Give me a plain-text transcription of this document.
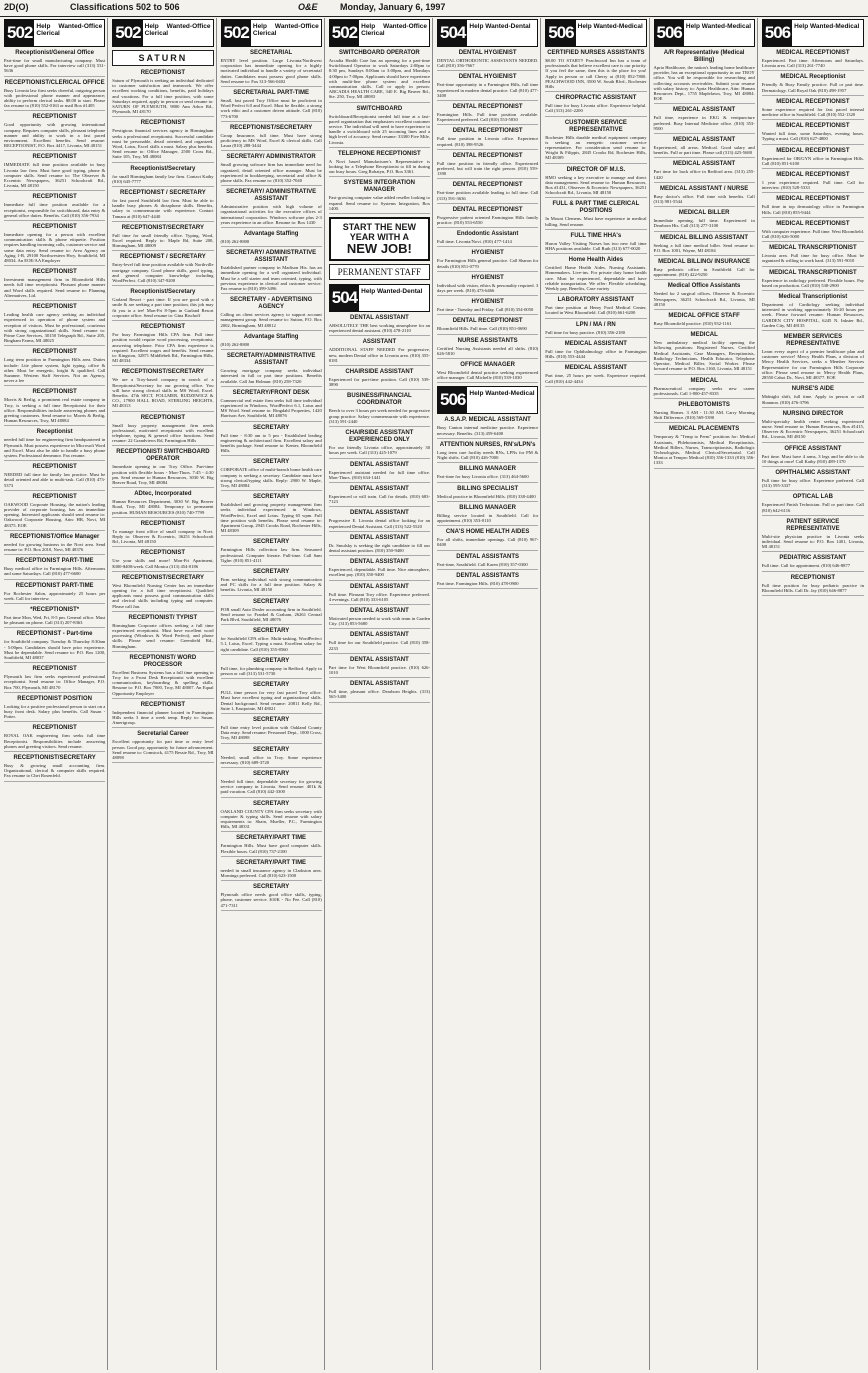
2D(O)	Classifications 502 to 506	O&E Monday, January 6, 1997
502 Help Wanted-Office Clerical
Receptionist/General Office

Part-time for small manufacturing company. Must have good phone skills. For interview call (313) 531-5636

RECEPTIONIST/CLERICAL OFFICE

Busy Livonia law firm seeks cheerful, outgoing person with professional phone manner and appearance; ability to perform clerical tasks. $8.00 to start. Please fax resume to (810) 552-0163 or mail Box #1405

RECEPTIONIST

Good opportunity with growing international company. Requires computer skills, pleasant telephone manner and ability to work in a fast paced environment. Excellent benefits. Send resume: RECEPTIONIST, P.O. Box 4417, Livonia, MI 48151

RECEPTIONIST

IMMEDIATE full time position available in busy Livonia law firm. Must have good typing, phone & computer skills. Send resume to: The Observer & Eccentric Newspapers, 36251 Schoolcraft Rd., Livonia, MI 48150

RECEPTIONIST

Immediate full time position available for a receptionist, responsible for switchboard, data entry & general office duties. Benefits. Call (810) 356-7934

RECEPTIONIST

Immediate opening for a person with excellent communication skills & phone etiquette. Position requires handling incoming calls, customer service and some data entry. Send resume to: Area Agency on Aging 1-B, 29100 Northwestern Hwy, Southfield, MI 48034. An EOE/AA Employer

RECEPTIONIST

Investment management firm in Bloomfield Hills needs full time receptionist. Pleasant phone manner and Word skills required. Send resume to: Planning Alternatives, Ltd.

RECEPTIONIST

Leading health care agency seeking an individual experienced in operation of phone system and reception of visitors. Must be professional, courteous with strong organizational skills. Send resume to: Prime Care Services, 30150 Telegraph Rd., Suite 205, Bingham Farms, MI 48025

RECEPTIONIST

Long term position in Farmington Hills area. Duties include: Lite phone system, light typing, office & other. Must be energetic, bright & qualified. Call Suzanne. Western Staff Services. Not an Agency, never a fee

RECEPTIONIST

Morris & Berlig, a prominent real estate company in Troy, is seeking a full time Receptionist for their office. Responsibilities include answering phones and greeting customers. Send resume to: Morris & Berlig, Human Resources, Troy, MI 48084

Receptionist

needed full time for engineering firm headquartered in Plymouth. Must possess experience in Microsoft Word and Excel. Must also be able to handle a busy phone system. Professional demeanor. Fax resume.

RECEPTIONIST

NEEDED full time for family law practice. Must be detail oriented and able to multi-task. Call (810) 473-5373

RECEPTIONIST

OAKWOOD Corporate Housing, the nation's leading provider of corporate housing, has an immediate opening. Interested applicants should send resume to: Oakwood Corporate Housing, Attn: HR, Novi, MI 48375. EOE

RECEPTIONIST/Office Manager

needed for growing business in the Novi area. Send resume to: P.O. Box 2010, Novi, MI 48376

RECEPTIONIST PART-TIME

Busy medical office in Farmington Hills. Afternoons and some Saturdays. Call (810) 477-6600

RECEPTIONIST PART-TIME

For Rochester Salon, approximately 25 hours per week. Call for interview.

*RECEPTIONIST*

Part time Mon, Wed, Fri, 8-5 pm. General office. Must be pleasant on phone. Call (313) 207-8363

RECEPTIONIST - Part-time

for Southfield company. Tuesday & Thursday 8:30am - 5:00pm. Candidates should have prior experience. Must be dependable. Send resume to: P.O. Box 1200, Southfield, MI 48037

RECEPTIONIST

Plymouth law firm seeks experienced professional receptionist. Send resume to: Office Manager, P.O. Box 700, Plymouth, MI 48170

RECEPTIONIST POSITION

Looking for a positive professional person to start on a busy front desk. Salary plus benefits. Call Susan - Potter.

RECEPTIONIST

ROYAL OAK engineering firm seeks full time Receptionist. Responsibilities include answering phones and greeting visitors. Send resume.

RECEPTIONIST/SECRETARY

Busy & growing small accounting firm. Organizational, clerical & computer skills required. Fax resume to Chet Rosenfeld.

502 Help Wanted-Office Clerical
SATURN
RECEPTIONIST

Saturn of Plymouth is seeking an individual dedicated to customer satisfaction and teamwork. We offer excellent working conditions, benefits, paid holidays and vacations. For a full time position, with some Saturdays required, apply in person or send resume to: SATURN OF PLYMOUTH, 9800 Ann Arbor Rd., Plymouth, MI 48170

RECEPTIONIST

Prestigious financial services agency in Birmingham seeks a professional receptionist. Successful candidate must be personable, detail oriented, and organized. Word, Lotus, Excel skills a must. Salary plus benefits. Send resume to: Office Manager, 2500 Cross Rd., Suite 105, Troy, MI 48084

Receptionist/Secretary

for small Birmingham family law firm. Contact Kathy (810) 645-7777

RECEPTIONIST / SECRETARY

for fast paced Southfield law firm. Must be able to handle busy phones & dictaphone skills. Benefits, salary to commensurate with experience. Contact Tamara at (810) 647-4440

RECEPTIONIST/SECRETARY

Full time for small friendly office. Typing, Word, Excel required. Reply to: Maple Rd, Suite 200, Birmingham, MI 48009

RECEPTIONIST / SECRETARY

Entry-level full time position available with Northville mortgage company. Good phone skills, good typing, and general computer knowledge including WordPerfect. Call (810) 347-9200

Receptionist/Secretary

Garland Resort - part time. If you are good with a smile & are seeking a part time position, this job may fit you to a tee! Mon-Fri 8-5pm in Garland Resort corporate office. Send resume to: Gina Bischoff

RECEPTIONIST

For busy Farmington Hills CPA firm. Full time position would require word processing, receptionist, answering telephone. Prior CPA firm experience is required. Excellent wages and benefits. Send resume to: Kingston, 32871 Middlebelt Rd., Farmington Hills, MI 48334

RECEPTIONIST/SECRETARY

We are a Troy-based company in search of a Receptionist/Secretary for our growing office. You will have strong clerical skills in MS Word, Excel. Benefits. 47th SECT, FOLLMER, RUDZEWICZ & CO., 17900 HALL ROAD, STERLING HEIGHTS, MI 48313

RECEPTIONIST

Small busy property management firm needs professional, motivated receptionist with excellent telephone, typing & general office functions. Send resume: 22 Grandviews Rd, Farmington Hills

RECEPTIONIST/ SWITCHBOARD OPERATOR

Immediate opening in our Troy Office. Part-time position with flexible hours - Mon-Thurs. 7:45 - 4:30 pm. Send resume to Human Resources, 3030 W. Big Beaver Road, Troy, MI 48084

ADtec, Incorporated

Human Resources Department, 3030 W. Big Beaver Road, Troy, MI 48084. Temporary to permanent position. HUMAN RESOURCES (810) 740-7799

RECEPTIONIST

To manage front office of small company in Novi. Reply to: Observer & Eccentric, 36251 Schoolcraft Rd., Livonia, MI 48150

RECEPTIONIST

Use your skills and more! Mon-Fri Apartment, $300-$400/week. Call Monica (313) 454-0186

RECEPTIONIST/SECRETARY

West Bloomfield Nursing Center has an immediate opening for a full time receptionist. Qualified applicants must possess good communication skills and clerical skills including typing and computer. Please call Jan.

RECEPTIONIST/ TYPIST

Birmingham Corporate offices seeking a full time experienced receptionist. Must have excellent word processing (Windows & Word Perfect), and phone skills. Please send resume: Greenfield Rd., Birmingham.

RECEPTIONIST/ WORD PROCESSOR

Excellent Business Systems has a full time opening in Troy for a Front Desk Receptionist with excellent communication, keyboarding & spelling skills. Resume to: P.O. Box 7000, Troy, MI 48007. An Equal Opportunity Employer

RECEPTIONIST

Independent financial planner located in Farmington Hills seeks 3 time a week temp. Reply to: Susan, Amerigroup.

Secretarial Career

Excellent opportunity for part time or entry level person. Good pay, opportunity for future advancement. Send resume to: Comstock, 4175 Bessie Rd., Troy, MI 48098

502 Help Wanted-Office Clerical
SECRETARIAL

ENTRY level position. Large Livonia/Northwest corporation has immediate opening for a highly motivated individual to handle a variety of secretarial duties. Candidates must possess good phone skills. Send resume to: Fax 313-566-0402

SECRETARIAL PART-TIME

Small, fast paced Troy Office must be proficient in Word Perfect 6.0 and Excel. Must be flexible, a strong work ethic and a customer driven attitude. Call (810) 773-6700

RECEPTIONIST/SECRETARY

Group Insurance, full time. Must have strong proficiency in MS Word, Excel & clerical skills. Call Laura (810) 288-3444

SECRETARY/ ADMINISTRATOR

Small growing software firm has immediate need for organized, detail oriented office manager. Must be experienced in bookkeeping, secretarial and office & phone skills. Fax resume to: (810) 352-7040

SECRETARY/ ADMINISTRATIVE ASSISTANT

Administrative position with high volume of organizational activities for the executive offices of international corporation. Windows software plus 2-3 years experience in an office. Resume to: Box 1430

Advantage Staffing

(810) 262-8800

SECRETARY/ ADMINISTRATIVE ASSISTANT

Established partner company in Madison Hts. has an immediate opening for a well organized individual. Must be a self starter and team oriented, typing, with previous experience in clerical and customer service. Fax resume to (810) 399-3496

SECRETARY - ADVERTISING AGENCY

Calling on client services agency to support account management group. Send resume to: Sutton, P.O. Box 2002, Birmingham, MI 48012

Advantage Staffing

(810) 262-8800

SECRETARY/ADMINISTRATIVE ASSISTANT

Growing mortgage company seeks individual interested in full or part time positions. Benefits available. Call Jan Holman: (810) 258-7320

SECRETARY/FRONT DESK

Commercial real estate firm seeks full time individual experienced in Windows, WordPerfect 6.1, Lotus and MS Word. Send resume to: Ringdahl Properties, 1420 Harrison Ave, Southfield, MI 48076

SECRETARY

Full time - 8:30 am to 5 pm - Established leading engineering & architectural firm. Excellent salary and benefits package. Send resume to: Kenter, Bloomfield Hills.

SECRETARY

CORPORATE office of multi-branch home health care company is seeking a secretary. Candidate must have strong clerical/typing skills. Reply: 2900 W. Maple, Troy, MI 48084

SECRETARY

Established and growing property management firm seeks individual experienced in Windows, WordPerfect, Excel and Lotus. Typing 65 wpm. Full time position with benefits. Please send resume to: Apartment Group, 2945 Crooks Road, Rochester Hills, MI 48309

SECRETARY

Farmington Hills collection law firm. Seasoned professional. Computer literate. Full-time. Call Sam Tighe: (810) 851-4111

SECRETARY

Firm seeking individual with strong communication and PC skills for a full time position. Salary & benefits. Livonia, MI 48150

SECRETARY

FOR small Auto Dealer accounting firm in Southfield. Send resume to: Frankel & Graham, 26261 Central Park Blvd, Southfield, MI 48076

SECRETARY

for Southfield CPA office. Multi-tasking, WordPerfect 5.1, Lotus, Excel. Typing a must. Excellent salary for right candidate. Call (810) 355-8560

SECRETARY

Full time, for plumbing company in Redford. Apply in person or call (313) 531-5730

SECRETARY

FULL time person for very fast paced Troy office. Must have excellent typing and organizational skills. Dental background. Send resume: 20811 Kelly Rd., Suite 1, Eastpointe, MI 48021

SECRETARY

Full time entry level position with Oakland County Data entry. Send resume: Personnel Dept., 1000 Cross, Troy, MI 48098

SECRETARY

Needed, small office in Troy. Some experience necessary. (810) 689-3720

SECRETARY

Needed full time, dependable secretary for growing service company in Livonia. Send resume: 401k & paid vacation. Call (810) 442-3300

SECRETARY

OAKLAND COUNTY CPA firm seeks secretary with computer & typing skills. Send resume with salary requirements to: Shain, Mueller, P.C., Farmington Hills, MI 48331

SECRETARY/PART TIME

Farmington Hills. Must have good computer skills. Flexible hours. Call (810) 737-2100

SECRETARY/PART TIME

needed in small insurance agency in Clarkston area. Mornings preferred. Call (810) 623-1500

SECRETARY

Plymouth office needs good office skills, typing, phone, customer service. $10K - No Fee. Call (810) 471-7311

502 Help Wanted-Office Clerical
SWITCHBOARD OPERATOR

Arcadia Health Care has an opening for a part-time Switchboard Operator to work Saturdays 2:00pm to 8:30 pm, Sundays 8:00am to 3:00pm, and Mondays 4:00pm to 7:00pm. Applicants should have experience with multi-line phone system and excellent communication skills. Call or apply in person: ARCADIA HEALTH CARE, 340 E. Big Beaver Rd., Ste. 250, Troy, MI 48083

SWITCHBOARD

Switchboard/Receptionist needed full time at a fast-paced organization that emphasizes excellent customer service. The individual will need to have experience to handle a switchboard with 25 incoming lines and a high level of accuracy. Send resume: 33300 Five Mile, Livonia.

TELEPHONE RECEPTIONIST

A Novi based Manufacturer's Representative is looking for a Telephone Receptionist to fill in during our busy hours. Greg Rohatyn, P.O. Box 3361.

SYSTEMS INTEGRATION MANAGER

Fast-growing computer value added reseller looking to expand. Send resume to: Systems Integration, Box 1400.

START THE NEW
YEAR WITH A
NEW JOB!
PERMANENT STAFF
504 Help Wanted-Dental
DENTAL ASSISTANT

ABSOLUTELY THE best working atmosphere for an experienced dental assistant. (810) 478-2110

ASSISTANT

ADDITIONAL STAFF NEEDED For progressive, new, modern Dental office in Livonia area. (810) 355-8181

CHAIRSIDE ASSISTANT

Experienced for part-time position. Call (810) 539-3890

BUSINESS/FINANCIAL COORDINATOR

Beech to over 3 hours per week needed for progressive group practice. Salary commensurate with experience. (313) 591-2440

CHAIRSIDE ASSISTANT EXPERIENCED ONLY

For our friendly Livonia office, approximately 30 hours per week. Call (313) 425-1079

DENTAL ASSISTANT

Experienced assistant needed for full time office. Mon-Thurs. (810) 634-1441

DENTAL ASSISTANT

Experienced or will train. Call for details. (810) 683-7123

DENTAL ASSISTANT

Progressive E. Livonia dental office looking for an experienced Dental Assistant. Call (313) 522-5520

DENTAL ASSISTANT

Dr. Smulsky is seeking the right candidate to fill our dental assistant position. (810) 350-9400

DENTAL ASSISTANT

Experienced, dependable. Full time. Nice atmosphere, excellent pay. (810) 350-9400

DENTAL ASSISTANT

Full time. Pleasant Troy office. Experience preferred. 4 evenings. Call (810) 333-6105

DENTAL ASSISTANT

Motivated person needed to work with team in Garden City. (313) 853-5680

DENTAL ASSISTANT

Full time for our Southfield practice. Call (810) 358-2233

DENTAL ASSISTANT

Part time for West Bloomfield practice. (810) 626-1010

DENTAL ASSISTANT

Full time, pleasant office. Dearborn Heights. (313) 565-3400

504 Help Wanted-Dental
DENTAL HYGIENIST

DENTAL ORTHODONTIC ASSISTANTS NEEDED. Call (810) 356-7667

DENTAL HYGIENIST

Part-time opportunity in a Farmington Hills, full time experienced in modern dental practice. Call (810) 477-3400

DENTAL RECEPTIONIST

Farmington Hills. Full time position available. Experienced preferred. Call (810) 553-5830

DENTAL RECEPTIONIST

Full time position in Livonia office. Experience required. (810) 398-9526

DENTAL RECEPTIONIST

Full time position in friendly office. Experienced preferred, but will train the right person. (810) 559-1390

DENTAL RECEPTIONIST

Part-time position available leading to full time. Call (313) 591-3636

DENTAL RECEPTIONIST

Progressive patient oriented Farmington Hills family practice. (810) 553-6550

Endodontic Assistant

Full time. Livonia/Novi. (810) 477-1414

HYGIENIST

For Farmington Hills general practice. Call Sharon for details (810) 851-0770

HYGIENIST

Individual with vision, ethics & personality required. 3 days per week. (810) 473-6466

HYGIENIST

Part time - Tuesday and Friday. Call (810) 354-0050

DENTAL RECEPTIONIST

Bloomfield Hills. Full time. Call (810) 851-0690

NURSE ASSISTANTS

Certified Nursing Assistants needed all shifts. (810) 626-5810

OFFICE MANAGER

West Bloomfield dental practice seeking experienced office manager. Call Michelle (810) 539-1030

506 Help Wanted-Medical
A.S.A.P. MEDICAL ASSISTANT

Busy Canton internal medicine practice. Experience necessary. Benefits. (313) 459-6400

ATTENTION NURSES, RN's/LPN's

Long term care facility needs RNs, LPNs for PM & Night shifts. Call (810) 426-7000

BILLING MANAGER

Part-time for busy Livonia office. (313) 464-5600

BILLING SPECIALIST

Medical practice in Bloomfield Hills. (810) 338-4400

BILLING MANAGER

Billing service located in Southfield. Call for appointment. (810) 353-0110

CNA'S HOME HEALTH AIDES

For all shifts, immediate openings. Call (810) 967-0400

DENTAL ASSISTANTS

Part-time, Southfield. Call Karen (810) 357-0300

DENTAL ASSISTANTS

Part time. Farmington Hills. (810) 478-0900

506 Help Wanted-Medical
CERTIFIED NURSES ASSISTANTS

$8.00 TO START!! Peachwood Inn has a team of professionals that believe excellent care is our priority. If you feel the same, then this is the place for you! Apply in person or call Cherry at (810) 852-7800. PEACHWOOD INN, 3500 W. South Blvd., Rochester Hills

CHIROPRACTIC ASSISTANT

Full time for busy Livonia office. Experience helpful. Call (313) 261-2200

CUSTOMER SERVICE REPRESENTATIVE

Rochester Hills durable medical equipment company is seeking an energetic customer service representative. For consideration send resume to: Wright & Filippis, 2845 Crooks Rd, Rochester Hills, MI 48309

DIRECTOR OF M.I.S.

HMO seeking a key executive to manage and direct data management. Send resume to: Human Resources, Box #1431, Observer & Eccentric Newspapers, 36251 Schoolcraft Rd., Livonia, MI 48150

FULL & PART TIME CLERICAL POSITIONS

In Mount Clemens. Must have experience in medical billing. Send resume.

FULL TIME HHA's

Huron Valley Visiting Nurses has two new full time HHA positions available. Call Ruth (313) 677-0020

Home Health Aides

Certified Home Health Aides. Nursing Assistants. Homemakers. Live-ins. For private duty home health care. Must be experienced, dependable and have reliable transportation. We offer: Flexible scheduling, Weekly pay, Benefits, Case variety

LABORATORY ASSISTANT

Part time position at Henry Ford Medical Center, located in West Bloomfield. Call (810) 661-6200

LPN / MA / RN

Full time for busy practice. (810) 356-2180

MEDICAL ASSISTANT

Full time for Ophthalmology office in Farmington Hills. (810) 553-4444

MEDICAL ASSISTANT

Part time, 25 hours per week. Experience required. Call (810) 442-4434

506 Help Wanted-Medical
A/R Representative (Medical Billing)

Apria Healthcare, the nation's leading home healthcare provider, has an exceptional opportunity in our TROY office. You will be responsible for researching and collecting accounts receivables. Submit your resume with salary history to: Apria Healthcare, Attn: Human Resources Dept., 1755 Maplelawn, Troy, MI 48084. EOE

MEDICAL ASSISTANT

Full time, experience in EKG & venipuncture preferred. Busy Internal Medicine office. (810) 353-9500

MEDICAL ASSISTANT

Experienced, all areas. Medical. Good salary and benefits. Full or part time. Please call (313) 425-5680

MEDICAL ASSISTANT

Part time for back office in Redford area. (313) 255-1420

MEDICAL ASSISTANT / NURSE

Busy doctor's office. Full time with benefits. Call (313) 981-5544

MEDICAL BILLER

Immediate opening, full time. Experienced in Dearborn Hts. Call (313) 277-3100

MEDICAL BILLING ASSISTANT

Seeking a full time medical biller. Send resume to: P.O. Box 1001, Wayne, MI 48184

MEDICAL BILLING/ INSURANCE

Busy pediatric office in Southfield. Call for appointment. (810) 422-9250

Medical Office Assistants

Needed for 2 surgical offices. Observer & Eccentric Newspapers, 36251 Schoolcraft Rd., Livonia, MI 48150

MEDICAL OFFICE STAFF

Busy Bloomfield practice. (810) 932-1161

MEDICAL

New ambulatory medical facility opening the following positions: Registered Nurses, Certified Medical Assistants, Case Managers, Receptionists, Radiology Technicians, Health Educator, Telephone Operator, Medical Biller, Social Worker. Please forward resume to P.O. Box 1160, Livonia, MI 48151

MEDICAL

Pharmaceutical company seeks new career professionals. Call 1-800-457-8335

PHLEBOTOMISTS

Nursing Homes. 3 AM - 11:30 AM. Carry Morning Shift Difference. (810) 569-5390

MEDICAL PLACEMENTS

Temporary & "Temp to Perm" positions for: Medical Assistants, Phlebotomists, Medical Receptionists, Medical Billers, Nurses, Transcriptionists, Radiologic Technologists, Medical Clerical/Secretarial. Call Monica at Tempro Medical (810) 356-1333 (810) 356-1333

506 Help Wanted-Medical
MEDICAL RECEPTIONIST

Experienced. Part time. Afternoons and Saturdays. Livonia area. Call (313) 261-7740

MEDICAL Receptionist

Friendly & Busy Family practice. Full or part time. Dermatology. Call Royal Oak (810) 498-1957

MEDICAL RECEPTIONIST

Some experience required for fast paced internal medicine office in Southfield. Call (810) 552-1320

MEDICAL RECEPTIONIST

Wanted full time, some Saturdays, evening hours. Typing a must. Call (810) 627-4800

MEDICAL RECEPTIONIST

Experienced for OB/GYN office in Farmington Hills. Call (810) 851-6100

MEDICAL RECEPTIONIST

1 year experience required. Full time. Call for interview. (810) 528-5333

MEDICAL RECEPTIONIST

Full time in top dermatology office in Farmington Hills. Call (810) 855-9444

MEDICAL RECEPTIONIST

With computer experience. Full time. West Bloomfield. Call (810) 626-5000

MEDICAL TRANSCRIPTIONIST

Livonia area. Full time for busy office. Must be organized & willing to work hard. (313) 591-9010

MEDICAL TRANSCRIPTIONIST

Experience in radiology preferred. Flexible hours. Pay based on production. Call (810) 538-2900

Medical Transcriptionist

Department of Cardiology seeking individual interested in working approximately 16-20 hours per week. Please forward resume: Human Resources, GARDEN CITY HOSPITAL, 6245 N. Inkster Rd., Garden City, MI 48135

MEMBER SERVICES REPRESENTATIVE

Learn every aspect of a premier healthcare plan and customer service! Mercy Health Plans, a division of Mercy Health Services, seeks a Member Services Representative for our Farmington Hills Corporate office. Please send resume to: Mercy Health Plans, 28550 Cabot Dr., Novi, MI 48377. EOE

NURSE'S AIDE

Midnight shift, full time. Apply in person or call Shannon. (810) 476-3796

NURSING DIRECTOR

Multi-specialty health center seeking experienced nurse. Send resume to: Human Resources, Box #1415, Observer & Eccentric Newspapers, 36251 Schoolcraft Rd., Livonia, MI 48150

OFFICE ASSISTANT

Part time. Must have 4 arms, 3 legs and be able to do 10 things at once! Call Kathy (810) 489-1370

OPHTHALMIC ASSISTANT

Full time for busy office. Experience preferred. Call (313) 595-3337

OPTICAL LAB

Experienced Finish Technician. Full or part time. Call (810) 642-6116

PATIENT SERVICE REPRESENTATIVE

Multi-site physician practice in Livonia seeks individual. Send resume to: P.O. Box 1401, Livonia, MI 48151

PEDIATRIC ASSISTANT

Full time. Call for appointment. (810) 646-8877

RECEPTIONIST

Full time position for busy pediatric practice in Bloomfield Hills. Call Dr. Jay (810) 646-8877
